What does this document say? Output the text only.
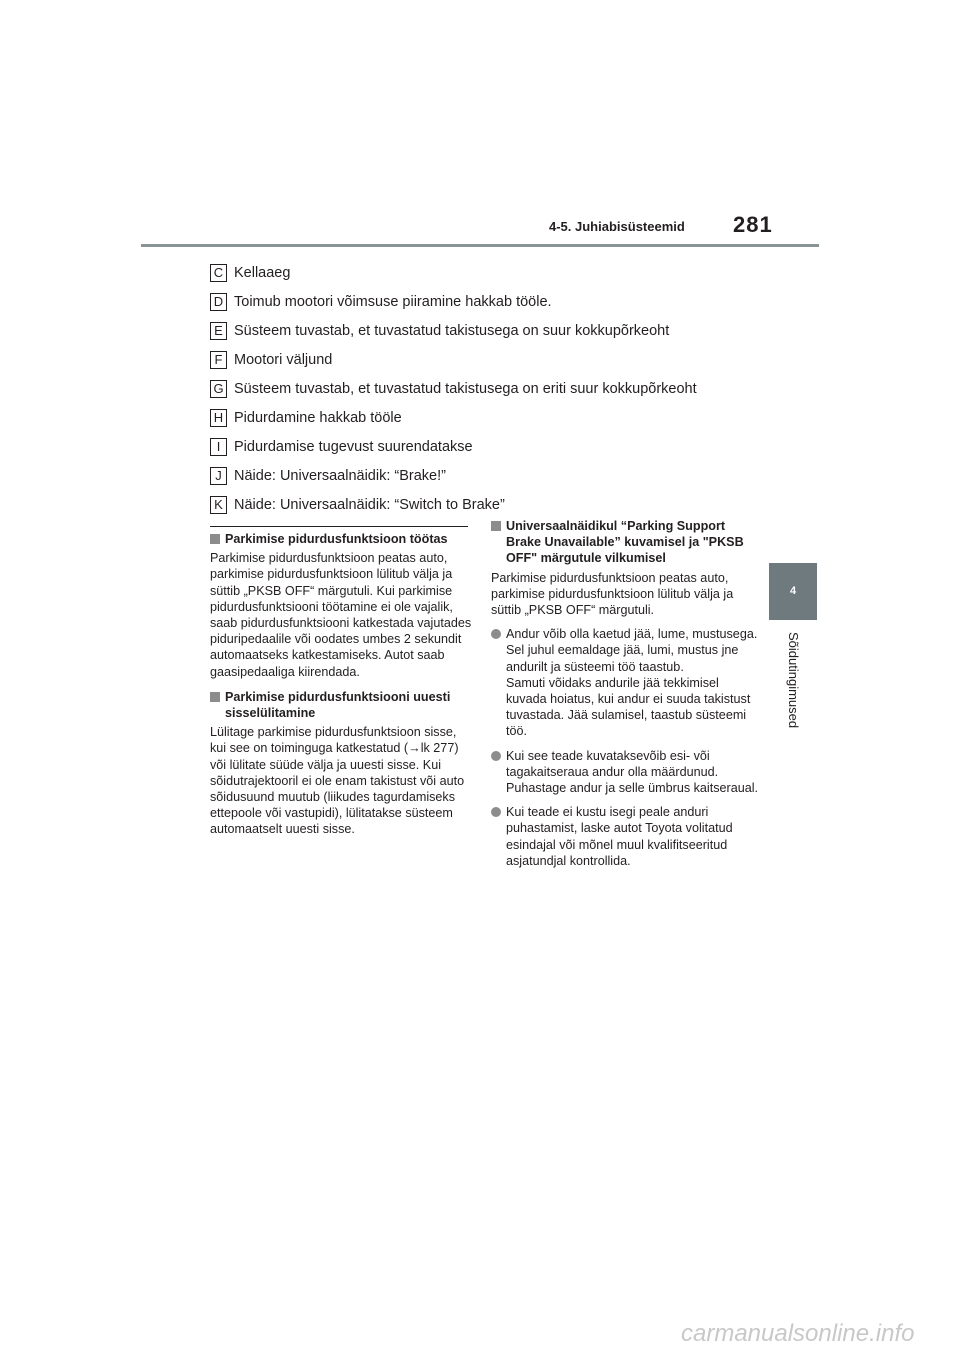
4-5. Juhiabisüsteemid 281
4
Sõidutingimused
C Kellaaeg
D Toimub mootori võimsuse piiramine hakkab tööle.
E Süsteem tuvastab, et tuvastatud takistusega on suur kokkupõrkeoht
F Mootori väljund
G Süsteem tuvastab, et tuvastatud takistusega on eriti suur kokkupõrkeoht
H Pidurdamine hakkab tööle
I Pidurdamise tugevust suurendatakse
J Näide: Universaalnäidik: “Brake!”
K Näide: Universaalnäidik: “Switch to Brake”

Parkimise pidurdusfunktsioon töötas

Parkimise pidurdusfunktsioon peatas auto, parkimise pidurdusfunktsioon lülitub välja ja süttib „PKSB OFF“ märgutuli. Kui parkimise pidurdusfunktsiooni töötamine ei ole vajalik, saab pidurdusfunktsiooni katkestada vajutades piduripedaalile või oodates umbes 2 sekundit automaatseks katkestamiseks. Autot saab gaasipedaaliga kiirendada.

Parkimise pidurdusfunktsiooni uuesti sisselülitamine

Lülitage parkimise pidurdusfunktsioon sisse, kui see on toiminguga katkestatud (→lk 277) või lülitate süüde välja ja uuesti sisse. Kui sõidutrajektooril ei ole enam takistust või auto sõidusuund muutub (liikudes tagurdamiseks ettepoole või vastupidi), lülitatakse süsteem automaatselt uuesti sisse.

Universaalnäidikul “Parking Support Brake Unavailable” kuvamisel ja "PKSB OFF" märgutule vilkumisel

Parkimise pidurdusfunktsioon peatas auto, parkimise pidurdusfunktsioon lülitub välja ja süttib „PKSB OFF“ märgutuli.

Andur võib olla kaetud jää, lume, mustusega. Sel juhul eemaldage jää, lumi, mustus jne andurilt ja süsteemi töö taastub.
Samuti võidaks andurile jää tekkimisel kuvada hoiatus, kui andur ei suuda takistust tuvastada. Jää sulamisel, taastub süsteemi töö.
Kui see teade kuvataksevõib esi- või tagakaitseraua andur olla määrdunud. Puhastage andur ja selle ümbrus kaitseraual.
Kui teade ei kustu isegi peale anduri puhastamist, laske autot Toyota volitatud esindajal või mõnel muul kvalifitseeritud asjatundjal kontrollida.
carmanualsonline.info
